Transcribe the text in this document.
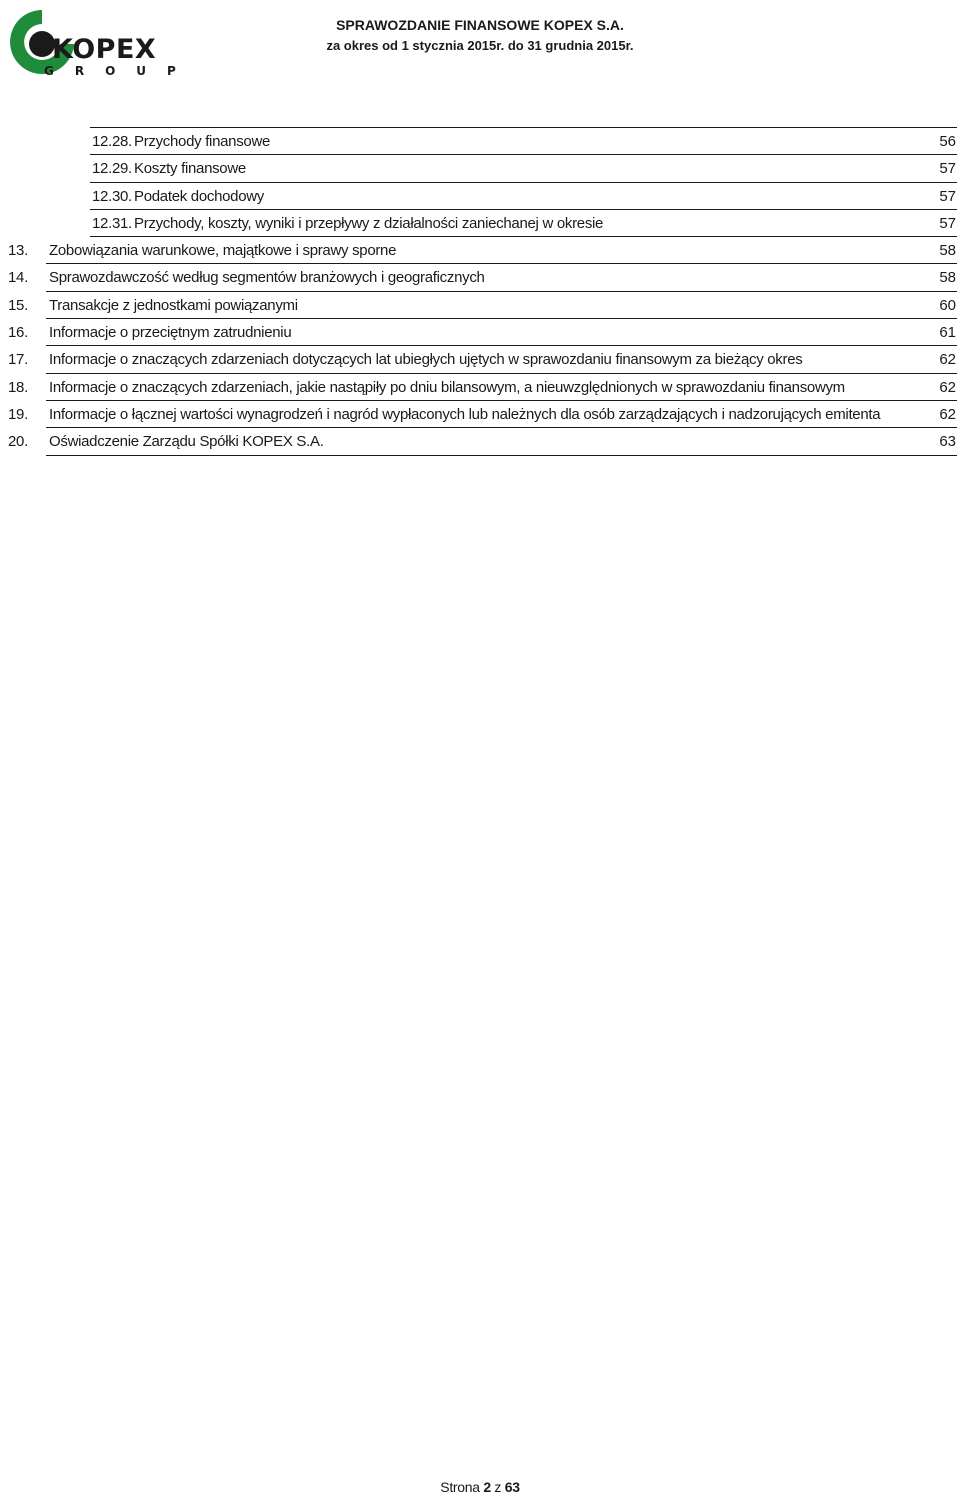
KOPEX
GROUP
SPRAWOZDANIE FINANSOWE KOPEX S.A.
za okres od 1 stycznia 2015r. do 31 grudnia 2015r.
12.28. Przychody finansowe	56
12.29. Koszty finansowe	57
12.30. Podatek dochodowy	57
12.31. Przychody, koszty, wyniki i przepływy z działalności zaniechanej w okresie	57
13. Zobowiązania warunkowe, majątkowe i sprawy sporne	58
14. Sprawozdawczość według segmentów branżowych i geograficznych	58
15. Transakcje z jednostkami powiązanymi	60
16. Informacje o przeciętnym zatrudnieniu	61
17. Informacje o znaczących zdarzeniach dotyczących lat ubiegłych ujętych w sprawozdaniu finansowym za bieżący okres	62
18. Informacje o znaczących zdarzeniach, jakie nastąpiły po dniu bilansowym, a nieuwzględnionych w sprawozdaniu finansowym	62
19. Informacje o łącznej wartości wynagrodzeń i nagród wypłaconych lub należnych dla osób zarządzających i nadzorujących emitenta	62
20. Oświadczenie Zarządu Spółki KOPEX S.A.	63
Strona 2 z 63
